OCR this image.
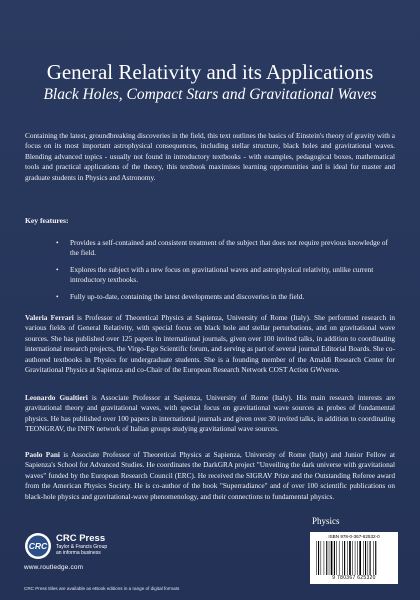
General Relativity and its Applications
Black Holes, Compact Stars and Gravitational Waves

Containing the latest, groundbreaking discoveries in the field, this text outlines the basics of Einstein's theory of gravity with a focus on its most important astrophysical consequences, including stellar structure, black holes and gravitational waves. Blending advanced topics - usually not found in introductory textbooks - with examples, pedagogical boxes, mathematical tools and practical applications of the theory, this textbook maximises learning opportunities and is ideal for master and graduate students in Physics and Astronomy.

Key features:

• Provides a self-contained and consistent treatment of the subject that does not require previous knowledge of the field.

• Explores the subject with a new focus on gravitational waves and astrophysical relativity, unlike current introductory textbooks.

• Fully up-to-date, containing the latest developments and discoveries in the field.

Valeria Ferrari is Professor of Theoretical Physics at Sapienza, University of Rome (Italy). She performed research in various fields of General Relativity, with special focus on black hole and stellar perturbations, and on gravitational wave sources. She has published over 125 papers in international journals, given over 100 invited talks, in addition to coordinating international research projects, the Virgo-Ego Scientific forum, and serving as part of several journal Editorial Boards. She co-authored textbooks in Physics for undergraduate students. She is a founding member of the Amaldi Research Center for Gravitational Physics at Sapienza and co-Chair of the European Research Network COST Action GWverse.

Leonardo Gualtieri is Associate Professor at Sapienza, University of Rome (Italy). His main research interests are gravitational theory and gravitational waves, with special focus on gravitational wave sources as probes of fundamental physics. He has published over 100 papers in international journals and given over 30 invited talks, in addition to coordinating TEONGRAV, the INFN network of Italian groups studying gravitational wave sources.

Paolo Pani is Associate Professor of Theoretical Physics at Sapienza, University of Rome (Italy) and Junior Fellow at Sapienza's School for Advanced Studies. He coordinates the DarkGRA project "Unveiling the dark universe with gravitational waves" funded by the European Research Council (ERC). He received the SIGRAV Prize and the Outstanding Referee award from the American Physics Society. He is co-author of the book "Superradiance" and of over 100 scientific publications on black-hole physics and gravitational-wave phenomenology, and their connections to fundamental physics.

Physics
ISBN 978-0-367-62532-0
9 780367 625320
CRC
CRC Press
Taylor & Francis Group
an informa business
www.routledge.com
CRC Press titles are available as eBook editions in a range of digital formats
